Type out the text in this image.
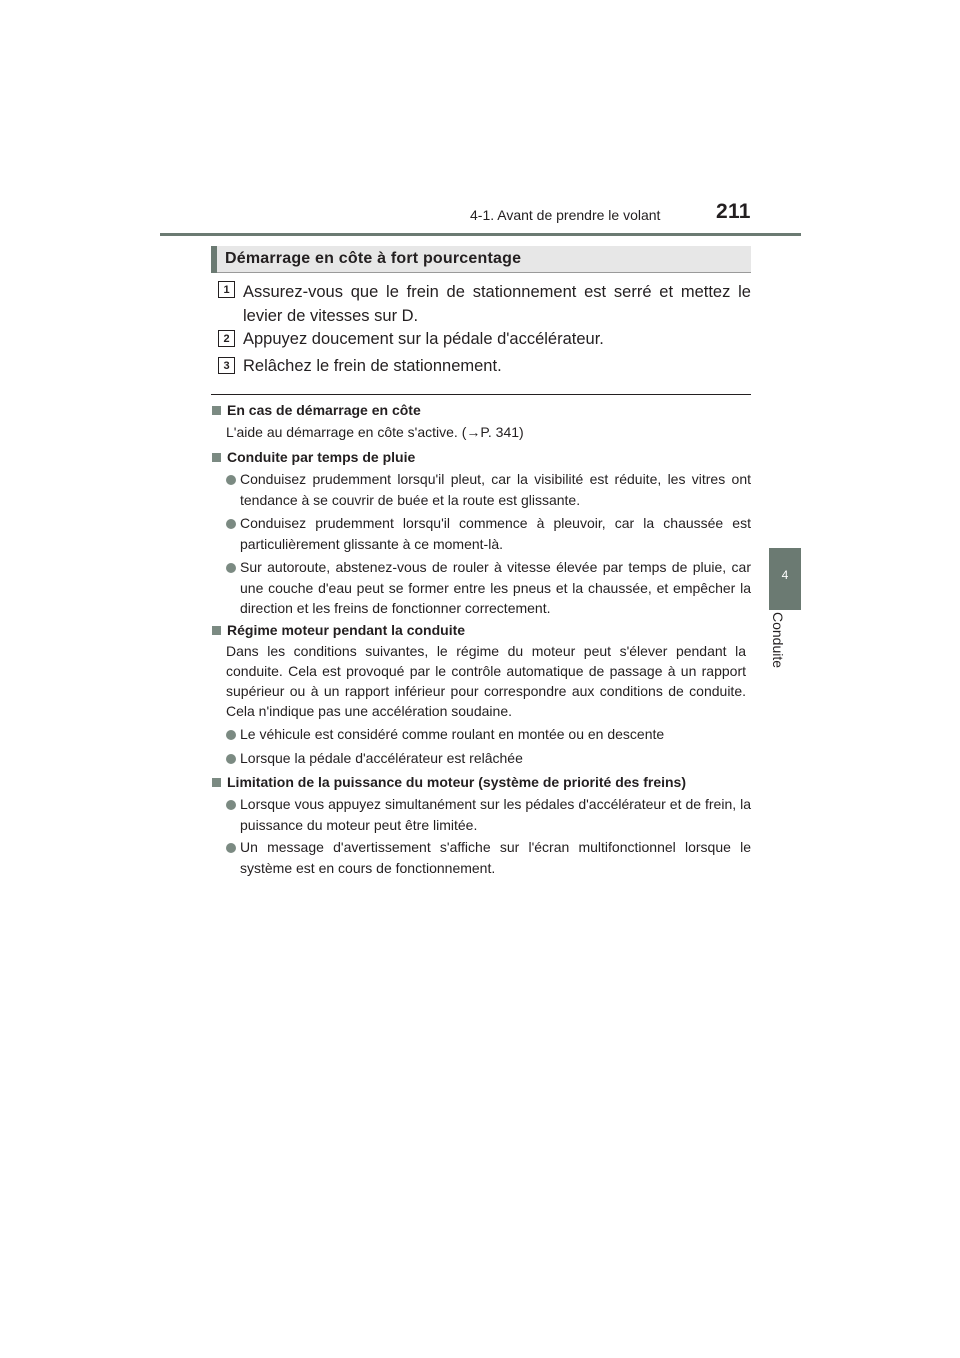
4-1. Avant de prendre le volant	211
4
Conduite
Démarrage en côte à fort pourcentage
1 Assurez-vous que le frein de stationnement est serré et mettez le levier de vitesses sur D.
2 Appuyez doucement sur la pédale d'accélérateur.
3 Relâchez le frein de stationnement.
En cas de démarrage en côte
L'aide au démarrage en côte s'active. (→P. 341)
Conduite par temps de pluie
Conduisez prudemment lorsqu'il pleut, car la visibilité est réduite, les vitres ont tendance à se couvrir de buée et la route est glissante.
Conduisez prudemment lorsqu'il commence à pleuvoir, car la chaussée est particulièrement glissante à ce moment-là.
Sur autoroute, abstenez-vous de rouler à vitesse élevée par temps de pluie, car une couche d'eau peut se former entre les pneus et la chaussée, et empêcher la direction et les freins de fonctionner correctement.
Régime moteur pendant la conduite
Dans les conditions suivantes, le régime du moteur peut s'élever pendant la conduite. Cela est provoqué par le contrôle automatique de passage à un rapport supérieur ou à un rapport inférieur pour correspondre aux conditions de conduite. Cela n'indique pas une accélération soudaine.
Le véhicule est considéré comme roulant en montée ou en descente
Lorsque la pédale d'accélérateur est relâchée
Limitation de la puissance du moteur (système de priorité des freins)
Lorsque vous appuyez simultanément sur les pédales d'accélérateur et de frein, la puissance du moteur peut être limitée.
Un message d'avertissement s'affiche sur l'écran multifonctionnel lorsque le système est en cours de fonctionnement.
